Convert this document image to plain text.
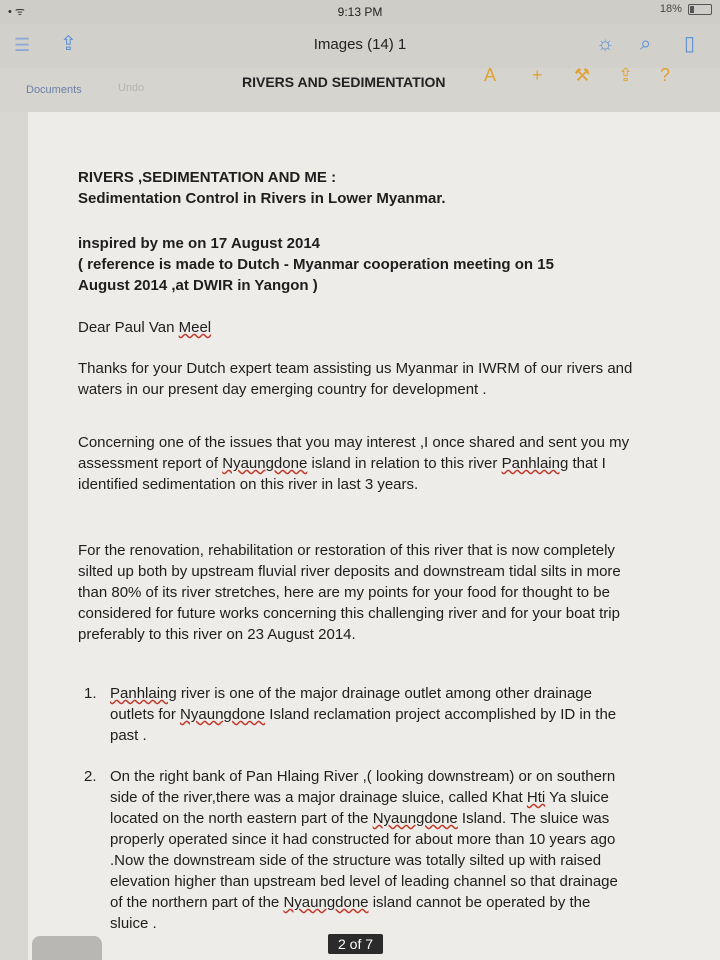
• ᯤ	9:13 PM	18%
☰ ⇪	Images (14) 1	☼ ⌕ ▯
Documents	Undo	RIVERS AND SEDIMENTATION A + ⚒ ⇪ ?

RIVERS ,SEDIMENTATION AND ME :

Sedimentation Control in Rivers in Lower Myanmar.

inspired by me on 17 August 2014

( reference is made to Dutch - Myanmar cooperation meeting on 15

August 2014 ,at DWIR in Yangon )

Dear Paul Van Meel

Thanks for your Dutch expert team assisting us Myanmar in IWRM of our rivers and waters in our present day emerging country for development .

Concerning one of the issues that you may interest ,I once shared and sent you my assessment report of Nyaungdone island in relation to this river Panhlaing that I identified sedimentation on this river in last 3 years.

For the renovation, rehabilitation or restoration of this river that is now completely silted up both by upstream fluvial river deposits and downstream tidal silts in more than 80% of its river stretches, here are my points for your food for thought to be considered for future works concerning this challenging river and for your boat trip preferably to this river on 23 August 2014.

1. Panhlaing river is one of the major drainage outlet among other drainage outlets for Nyaungdone Island reclamation project accomplished by ID in the past .
2. On the right bank of Pan Hlaing River ,( looking downstream) or on southern side of the river,there was a major drainage sluice, called Khat Hti Ya sluice located on the north eastern part of the Nyaungdone Island. The sluice was properly operated since it had constructed for about more than 10 years ago .Now the downstream side of the structure was totally silted up with raised elevation higher than upstream bed level of leading channel so that drainage of the northern part of the Nyaungdone island cannot be operated by the sluice .
2 of 7
